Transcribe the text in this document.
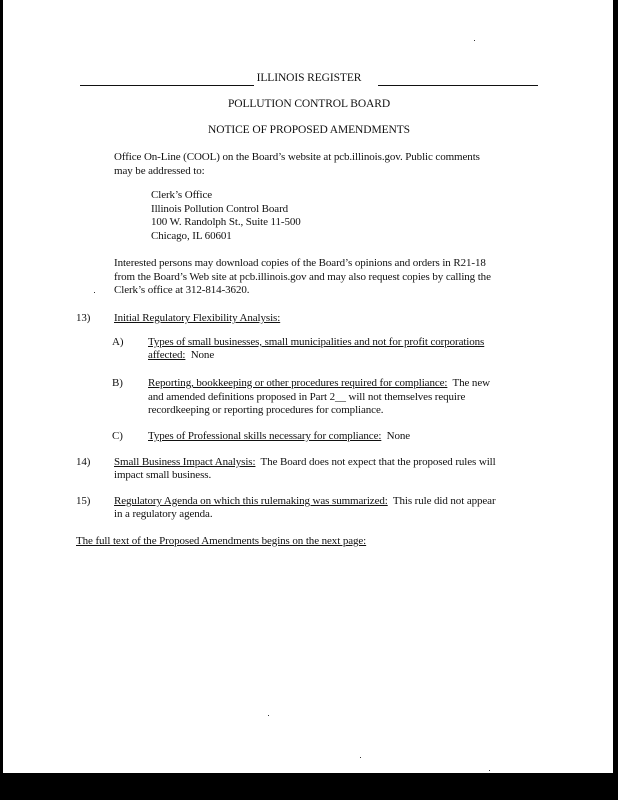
ILLINOIS REGISTER
POLLUTION CONTROL BOARD
NOTICE OF PROPOSED AMENDMENTS
Office On-Line (COOL) on the Board’s website at pcb.illinois.gov. Public comments
may be addressed to:
Clerk’s Office
Illinois Pollution Control Board
100 W. Randolph St., Suite 11-500
Chicago, IL 60601
Interested persons may download copies of the Board’s opinions and orders in R21-18
from the Board’s Web site at pcb.illinois.gov and may also request copies by calling the
Clerk’s office at 312-814-3620.
13) Initial Regulatory Flexibility Analysis:
A) Types of small businesses, small municipalities and not for profit corporations
affected: None
B) Reporting, bookkeeping or other procedures required for compliance: The new
and amended definitions proposed in Part 2__ will not themselves require
recordkeeping or reporting procedures for compliance.
C) Types of Professional skills necessary for compliance: None
14) Small Business Impact Analysis: The Board does not expect that the proposed rules will
impact small business.
15) Regulatory Agenda on which this rulemaking was summarized: This rule did not appear
in a regulatory agenda.
The full text of the Proposed Amendments begins on the next page:
